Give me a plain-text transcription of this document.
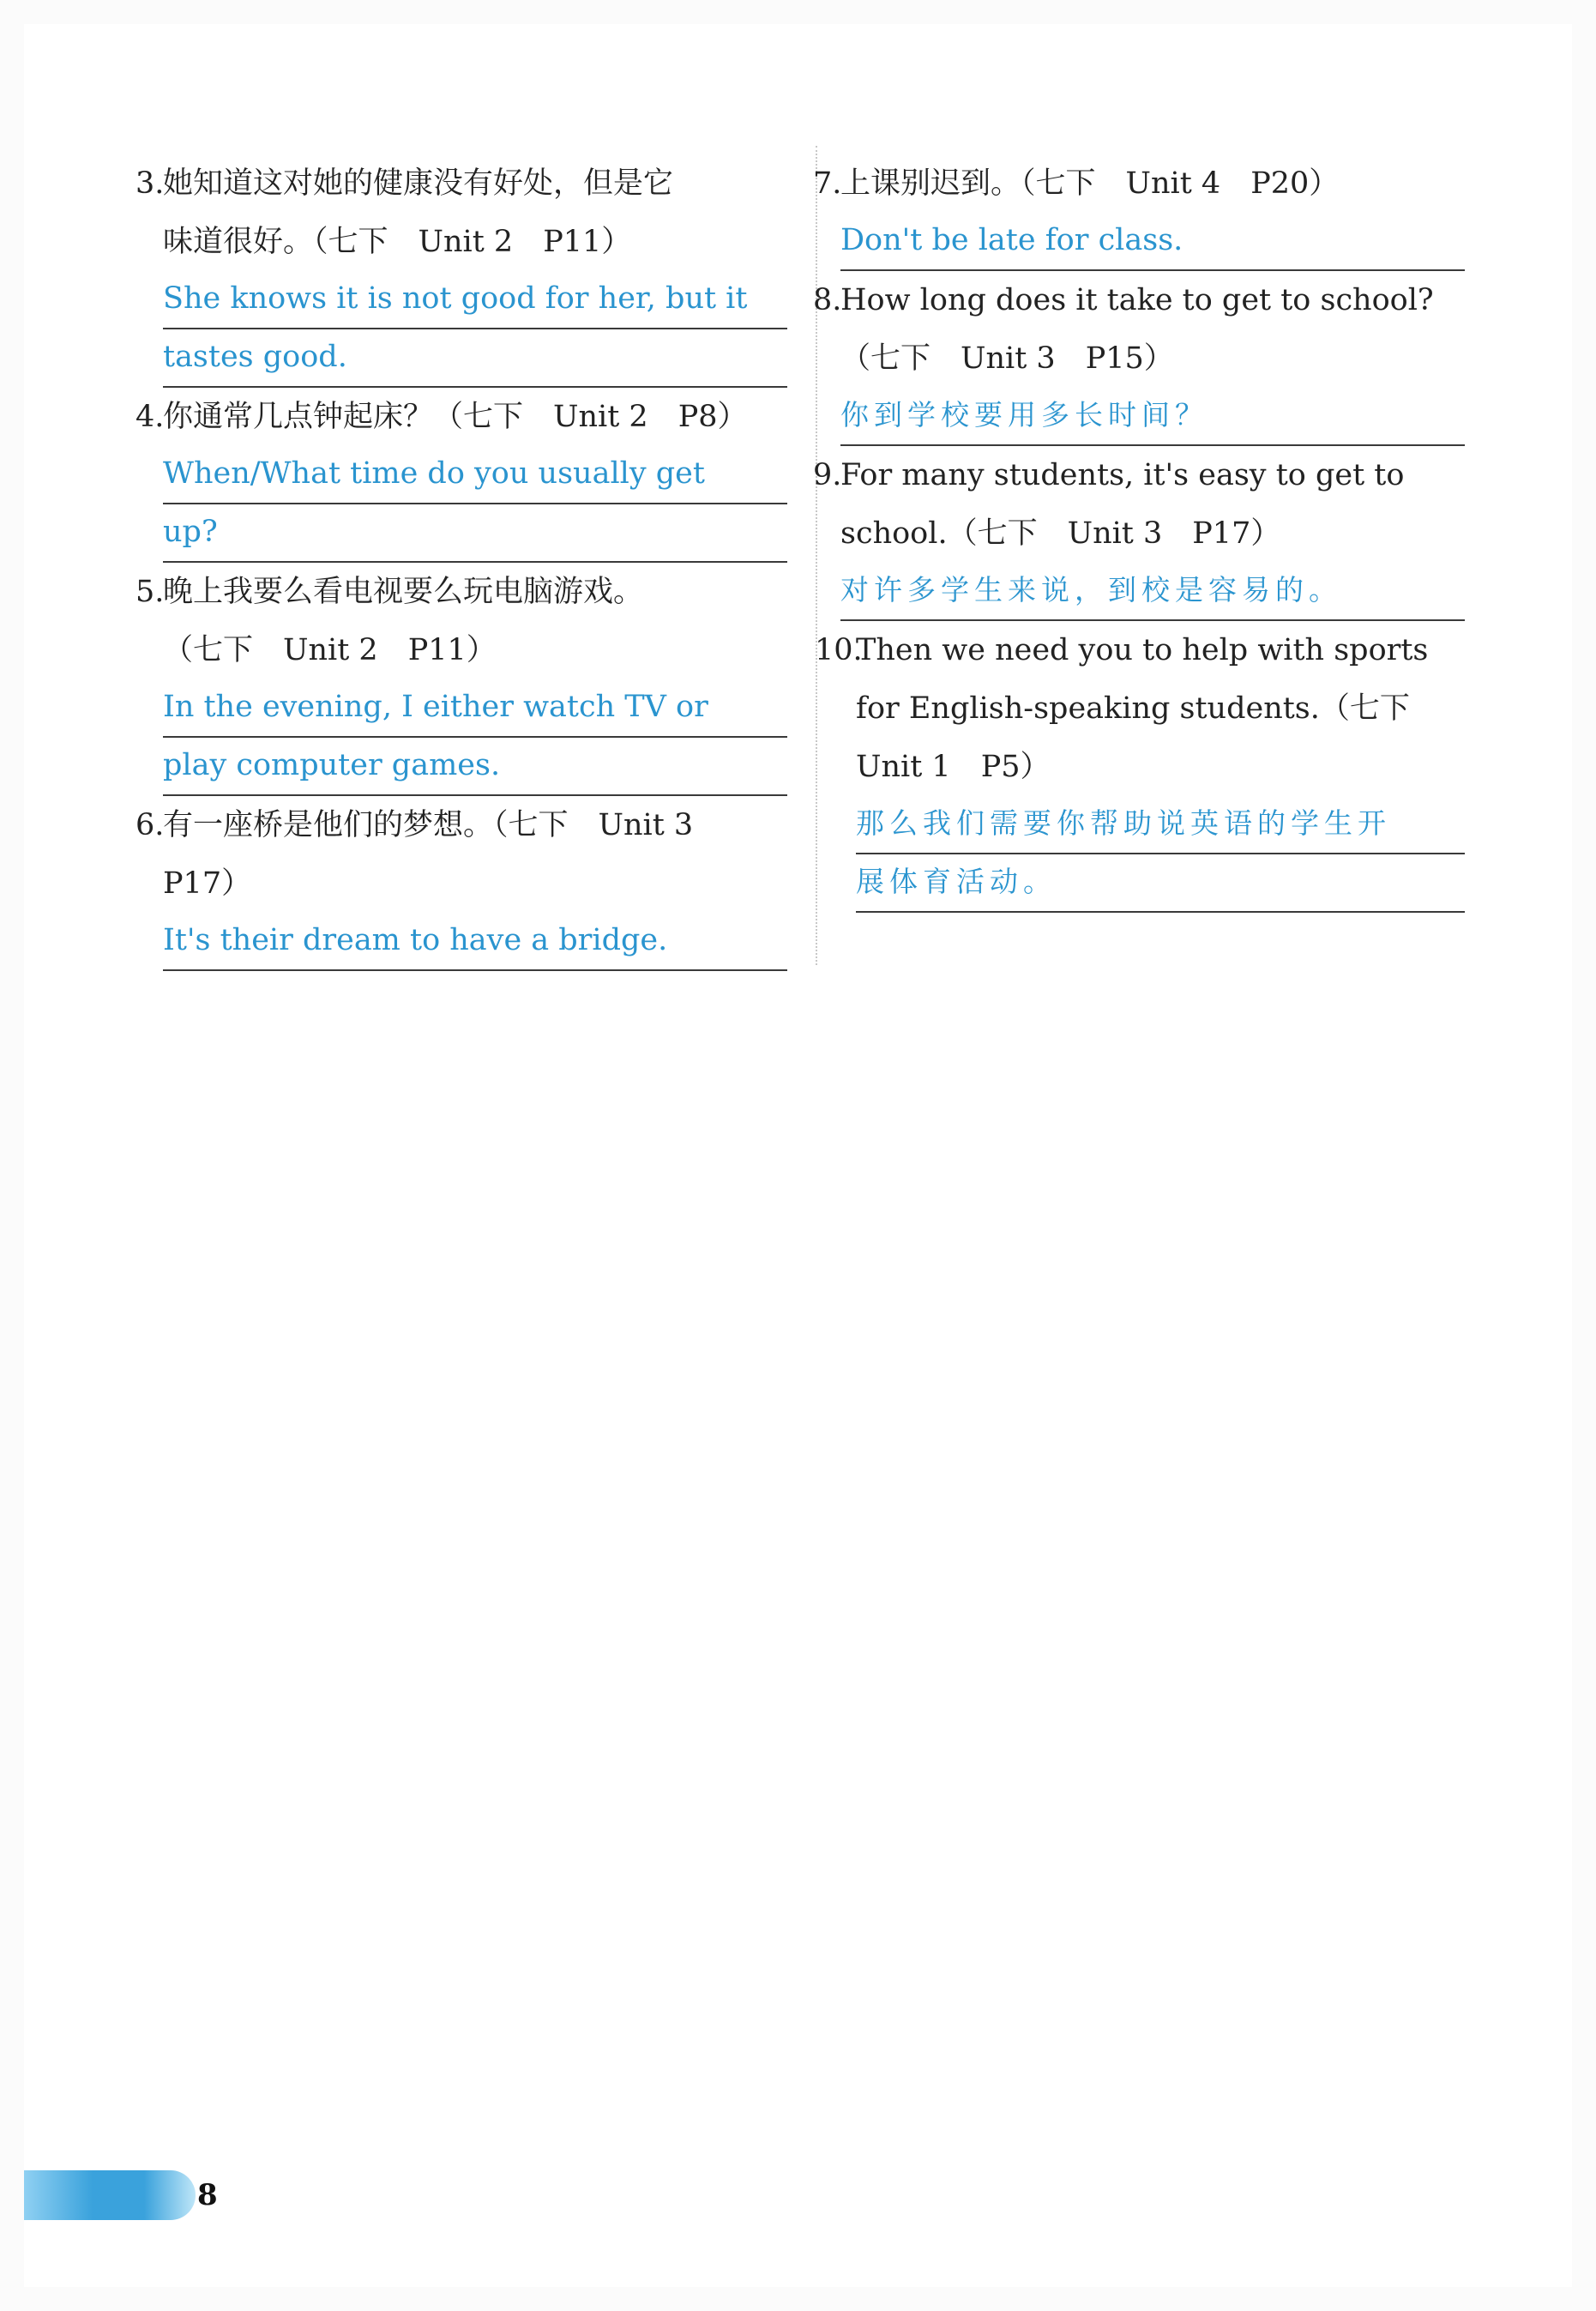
3.
她知道这对她的健康没有好处，但是它
味道很好。（七下　Unit 2　P11）
She knows it is not good for her, but it
tastes good.
4.
你通常几点钟起床？（七下　Unit 2　P8）
When/What time do you usually get
up?
5.
晚上我要么看电视要么玩电脑游戏。
（七下　Unit 2　P11）
In the evening, I either watch TV or
play computer games.
6.
有一座桥是他们的梦想。（七下　Unit 3
P17）
It's their dream to have a bridge.
7.
上课别迟到。（七下　Unit 4　P20）
Don't be late for class.
8.
How long does it take to get to school?
（七下　Unit 3　P15）
你到学校要用多长时间？
9.
For many students, it's easy to get to
school.（七下　Unit 3　P17）
对许多学生来说，到校是容易的。
10.
Then we need you to help with sports
for English-speaking students.（七下
Unit 1　P5）
那么我们需要你帮助说英语的学生开
展体育活动。
8
